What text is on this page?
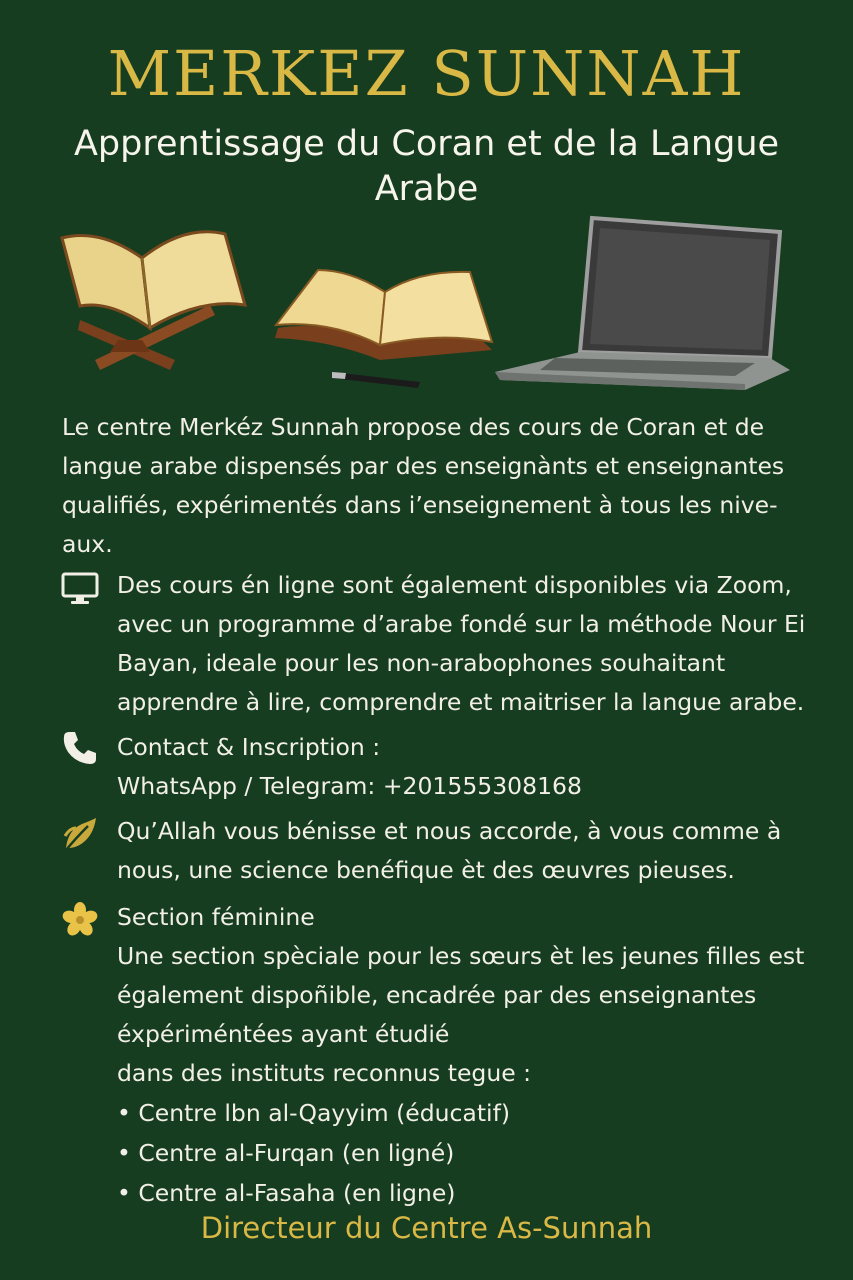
MERKEZ SUNNAH
Apprentissage du Coran et de la Langue Arabe
Le centre Merkéz Sunnah propose des cours de Coran et de langue arabe dispensés par des enseignànts et enseignantes qualifiés, expérimentés dans i’enseignement à tous les nive- aux.
Des cours én ligne sont également disponibles via Zoom, avec un programme d’arabe fondé sur la méthode Nour Ei Bayan, ideale pour les non-arabophones souhaitant apprendre à lire, comprendre et maitriser la langue arabe.
Contact & Inscription :
WhatsApp / Telegram: +201555308168
Qu’Allah vous bénisse et nous accorde, à vous comme à nous, une science benéfique èt des œuvres pieuses.
Section féminine
Une section spèciale pour les sœurs èt les jeunes filles est également dispoñible, encadrée par des enseignantes éxpériméntées ayant étudié
dans des instituts reconnus tegue :
• Centre lbn al-Qayyim (éducatif)
• Centre al-Furqan (en ligné)
• Centre al-Fasaha (en ligne)
Directeur du Centre As-Sunnah
